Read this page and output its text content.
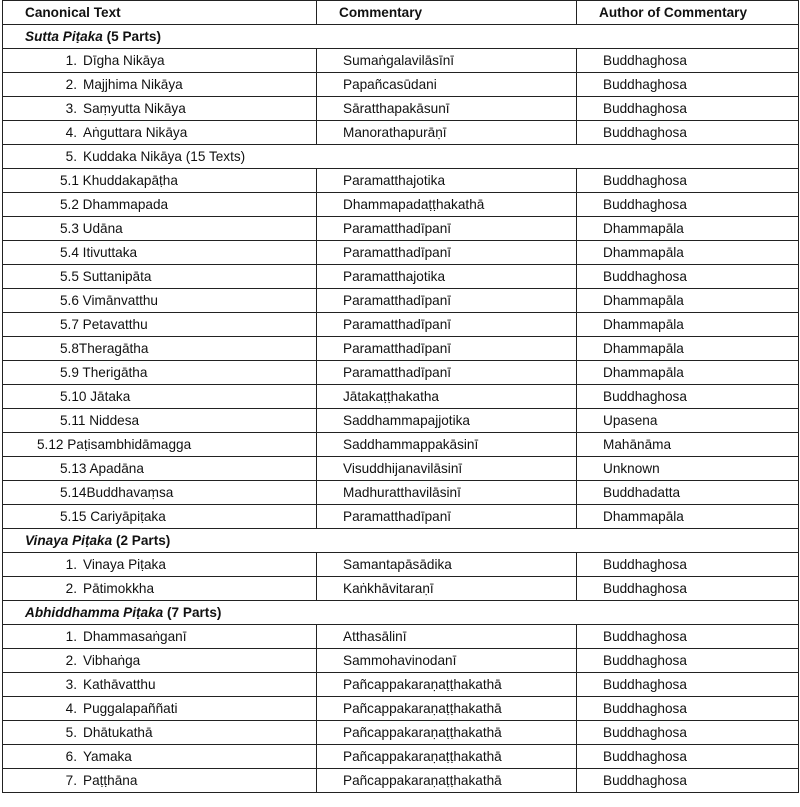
Canonical Text	Commentary	Author of Commentary
Sutta Piṭaka (5 Parts)		
1. Dīgha Nikāya	Sumaṅgalavilāsīnī	Buddhaghosa
2. Majjhima Nikāya	Papañcasūdani	Buddhaghosa
3. Saṃyutta Nikāya	Sāratthapakāsunī	Buddhaghosa
4. Aṅguttara Nikāya	Manorathapurāṇī	Buddhaghosa
5. Kuddaka Nikāya (15 Texts)		
5.1 Khuddakapāṭha	Paramatthajotika	Buddhaghosa
5.2 Dhammapada	Dhammapadaṭṭhakathā	Buddhaghosa
5.3 Udāna	Paramatthadīpanī	Dhammapāla
5.4 Itivuttaka	Paramatthadīpanī	Dhammapāla
5.5 Suttanipāta	Paramatthajotika	Buddhaghosa
5.6 Vimānvatthu	Paramatthadīpanī	Dhammapāla
5.7 Petavatthu	Paramatthadīpanī	Dhammapāla
5.8Theragātha	Paramatthadīpanī	Dhammapāla
5.9 Therigātha	Paramatthadīpanī	Dhammapāla
5.10 Jātaka	Jātakaṭṭhakatha	Buddhaghosa
5.11 Niddesa	Saddhammapajjotika	Upasena
5.12 Paṭisambhidāmagga	Saddhammappakāsinī	Mahānāma
5.13 Apadāna	Visuddhijanavilāsinī	Unknown
5.14Buddhavaṃsa	Madhuratthavilāsinī	Buddhadatta
5.15 Cariyāpiṭaka	Paramatthadīpanī	Dhammapāla
Vinaya Piṭaka (2 Parts)		
1. Vinaya Piṭaka	Samantapāsādika	Buddhaghosa
2. Pātimokkha	Kaṅkhāvitaraṇī	Buddhaghosa
Abhiddhamma Piṭaka (7 Parts)		
1. Dhammasaṅganī	Atthasālinī	Buddhaghosa
2. Vibhaṅga	Sammohavinodanī	Buddhaghosa
3. Kathāvatthu	Pañcappakaraṇaṭṭhakathā	Buddhaghosa
4. Puggalapaññati	Pañcappakaraṇaṭṭhakathā	Buddhaghosa
5. Dhātukathā	Pañcappakaraṇaṭṭhakathā	Buddhaghosa
6. Yamaka	Pañcappakaraṇaṭṭhakathā	Buddhaghosa
7. Paṭṭhāna	Pañcappakaraṇaṭṭhakathā	Buddhaghosa
